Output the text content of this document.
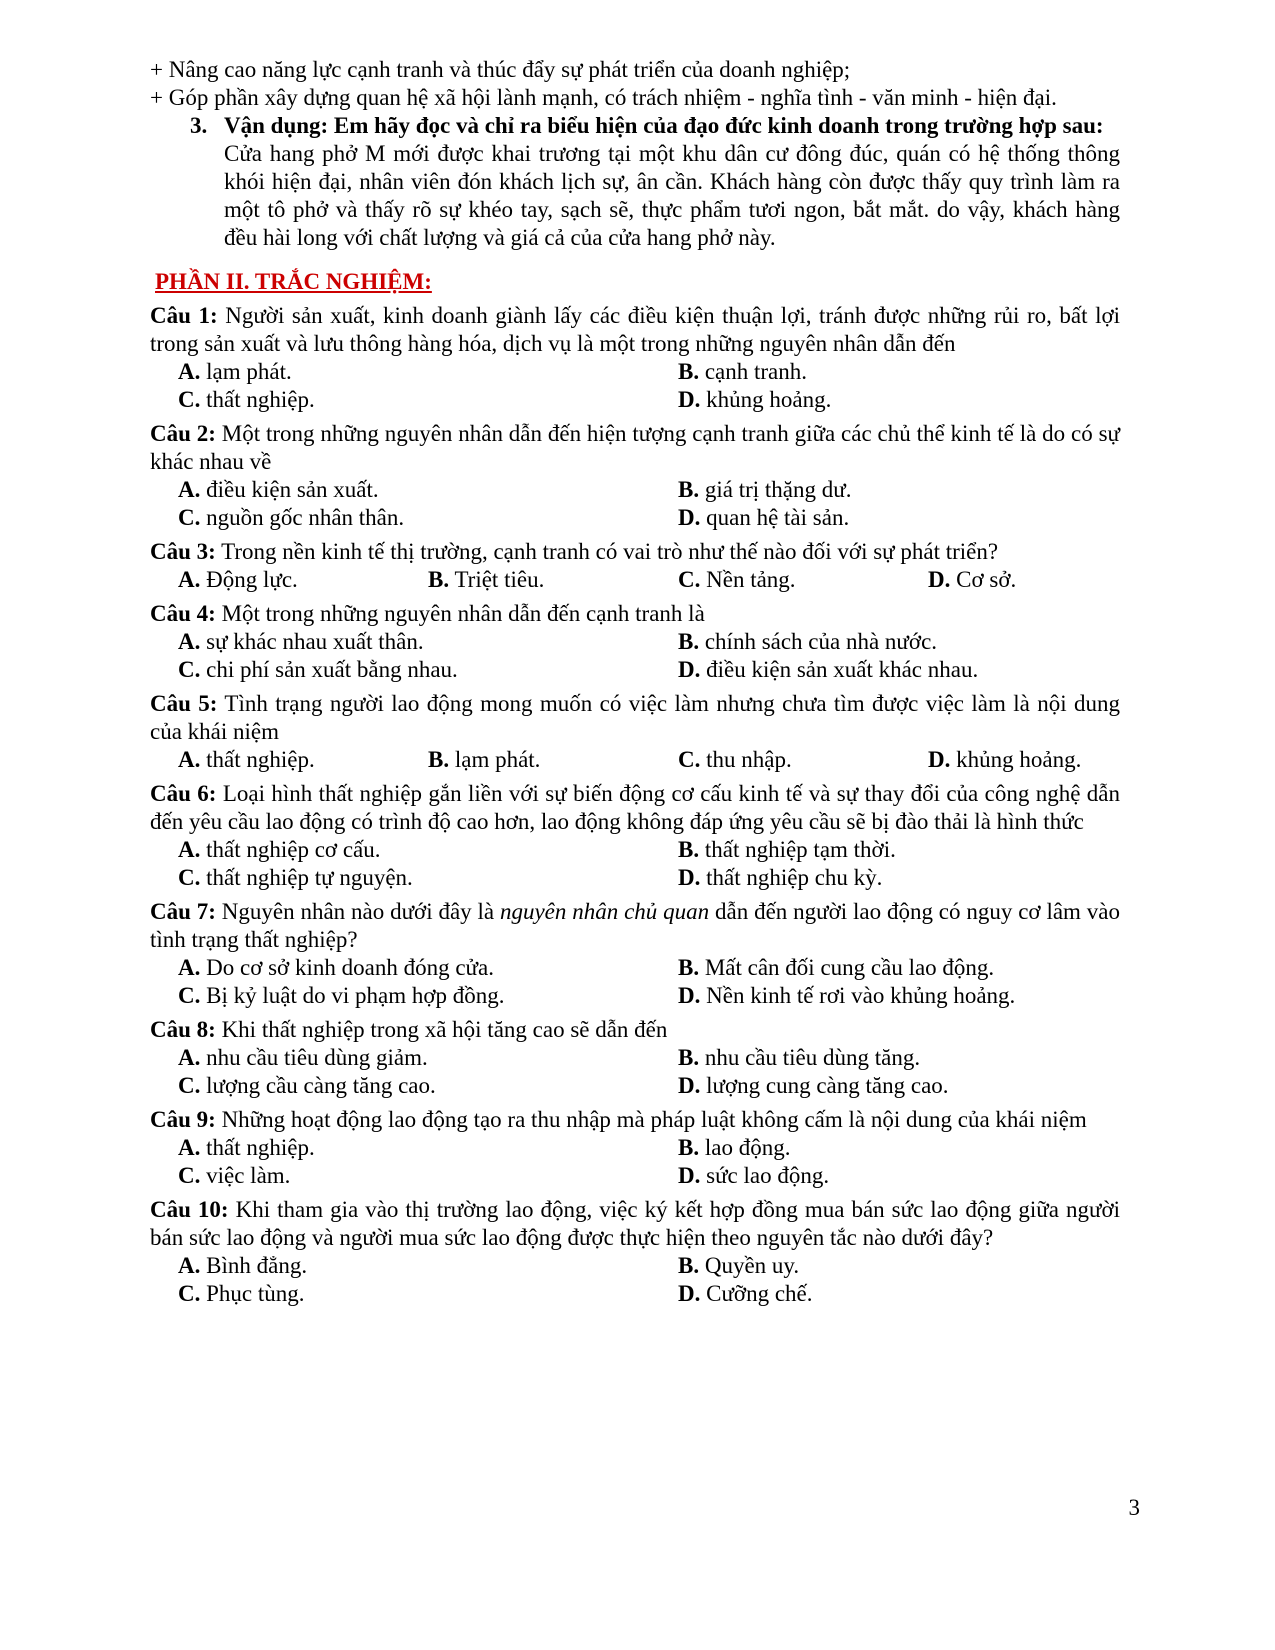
+ Nâng cao năng lực cạnh tranh và thúc đẩy sự phát triển của doanh nghiệp;

+ Góp phần xây dựng quan hệ xã hội lành mạnh, có trách nhiệm - nghĩa tình - văn minh - hiện đại.

3. Vận dụng: Em hãy đọc và chỉ ra biểu hiện của đạo đức kinh doanh trong trường hợp sau:

Cửa hang phở M mới được khai trương tại một khu dân cư đông đúc, quán có hệ thống thông khói hiện đại, nhân viên đón khách lịch sự, ân cần. Khách hàng còn được thấy quy trình làm ra một tô phở và thấy rõ sự khéo tay, sạch sẽ, thực phẩm tươi ngon, bắt mắt. do vậy, khách hàng đều hài long với chất lượng và giá cả của cửa hang phở này.

PHẦN II. TRẮC NGHIỆM:

Câu 1: Người sản xuất, kinh doanh giành lấy các điều kiện thuận lợi, tránh được những rủi ro, bất lợi trong sản xuất và lưu thông hàng hóa, dịch vụ là một trong những nguyên nhân dẫn đến

A. lạm phát.	B. cạnh tranh.
C. thất nghiệp.	D. khủng hoảng.

Câu 2: Một trong những nguyên nhân dẫn đến hiện tượng cạnh tranh giữa các chủ thể kinh tế là do có sự khác nhau về

A. điều kiện sản xuất.	B. giá trị thặng dư.
C. nguồn gốc nhân thân.	D. quan hệ tài sản.

Câu 3: Trong nền kinh tế thị trường, cạnh tranh có vai trò như thế nào đối với sự phát triển?

A. Động lực.	B. Triệt tiêu.	C. Nền tảng.	D. Cơ sở.

Câu 4: Một trong những nguyên nhân dẫn đến cạnh tranh là

A. sự khác nhau xuất thân.	B. chính sách của nhà nước.
C. chi phí sản xuất bằng nhau.	D. điều kiện sản xuất khác nhau.

Câu 5: Tình trạng người lao động mong muốn có việc làm nhưng chưa tìm được việc làm là nội dung của khái niệm

A. thất nghiệp.	B. lạm phát.	C. thu nhập.	D. khủng hoảng.

Câu 6: Loại hình thất nghiệp gắn liền với sự biến động cơ cấu kinh tế và sự thay đổi của công nghệ dẫn đến yêu cầu lao động có trình độ cao hơn, lao động không đáp ứng yêu cầu sẽ bị đào thải là hình thức

A. thất nghiệp cơ cấu.	B. thất nghiệp tạm thời.
C. thất nghiệp tự nguyện.	D. thất nghiệp chu kỳ.

Câu 7: Nguyên nhân nào dưới đây là nguyên nhân chủ quan dẫn đến người lao động có nguy cơ lâm vào tình trạng thất nghiệp?

A. Do cơ sở kinh doanh đóng cửa.	B. Mất cân đối cung cầu lao động.
C. Bị kỷ luật do vi phạm hợp đồng.	D. Nền kinh tế rơi vào khủng hoảng.

Câu 8: Khi thất nghiệp trong xã hội tăng cao sẽ dẫn đến

A. nhu cầu tiêu dùng giảm.	B. nhu cầu tiêu dùng tăng.
C. lượng cầu càng tăng cao.	D. lượng cung càng tăng cao.

Câu 9: Những hoạt động lao động tạo ra thu nhập mà pháp luật không cấm là nội dung của khái niệm

A. thất nghiệp.	B. lao động.
C. việc làm.	D. sức lao động.

Câu 10: Khi tham gia vào thị trường lao động, việc ký kết hợp đồng mua bán sức lao động giữa người bán sức lao động và người mua sức lao động được thực hiện theo nguyên tắc nào dưới đây?

A. Bình đẳng.	B. Quyền uy.
C. Phục tùng.	D. Cưỡng chế.
3
